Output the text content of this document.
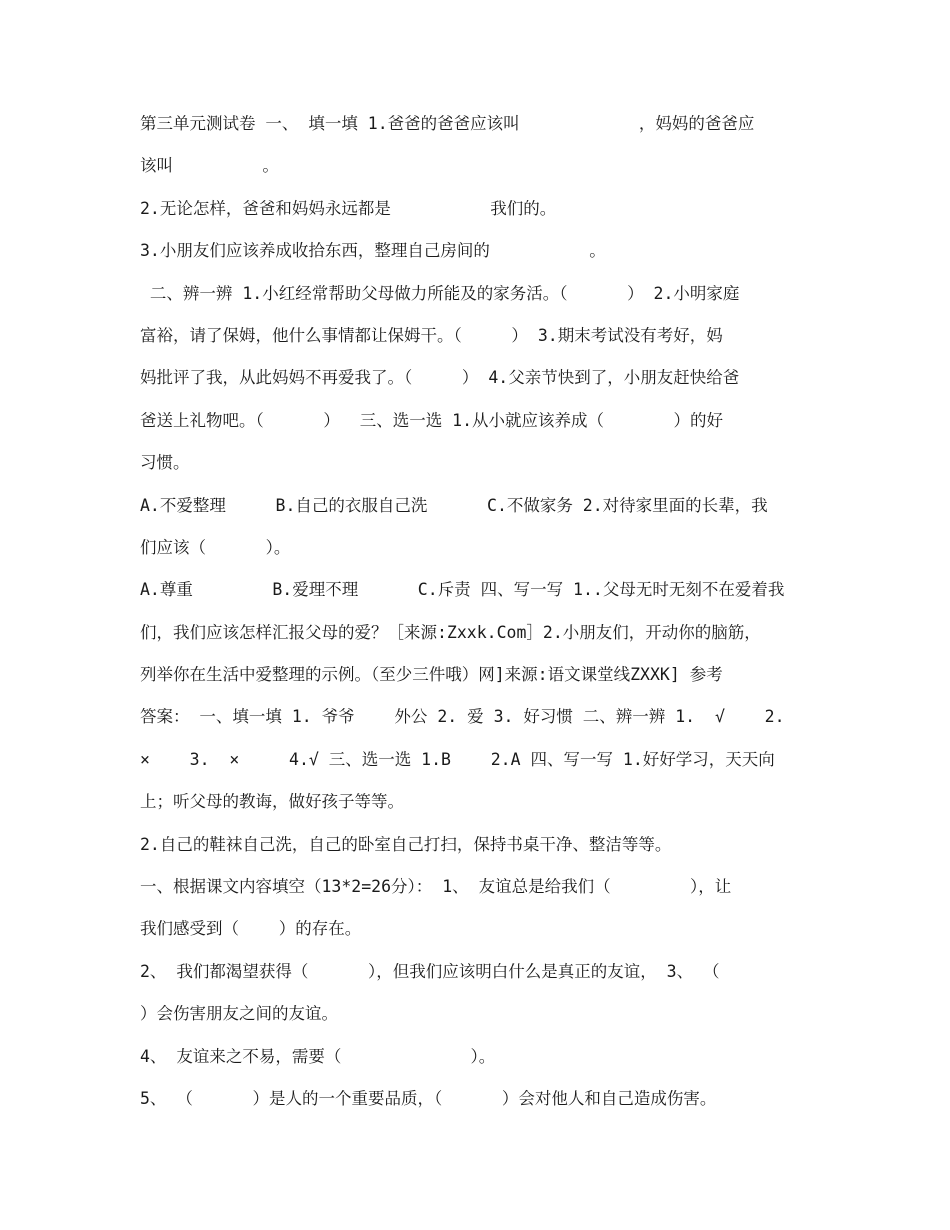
第三单元测试卷 一、 填一填 1.爸爸的爸爸应该叫            ，妈妈的爸爸应
该叫         。
2.无论怎样，爸爸和妈妈永远都是          我们的。
3.小朋友们应该养成收拾东西，整理自己房间的          。
二、辨一辨 1.小红经常帮助父母做力所能及的家务活。（      ） 2.小明家庭
富裕，请了保姆，他什么事情都让保姆干。（     ） 3.期末考试没有考好，妈
妈批评了我，从此妈妈不再爱我了。（     ） 4.父亲节快到了，小朋友赶快给爸
爸送上礼物吧。（      ）  三、选一选 1.从小就应该养成（       ）的好
习惯。
A.不爱整理     B.自己的衣服自己洗      C.不做家务 2.对待家里面的长辈，我
们应该（      ）。
A.尊重        B.爱理不理      C.斥责 四、写一写 1..父母无时无刻不在爱着我
们，我们应该怎样汇报父母的爱？［来源:Zxxk.Com］2.小朋友们，开动你的脑筋，
列举你在生活中爱整理的示例。（至少三件哦）网]来源:语文课堂线ZXXK] 参考
答案： 一、填一填 1. 爷爷    外公 2. 爱 3. 好习惯 二、辨一辨 1.  √    2.
×    3.  ×     4.√ 三、选一选 1.B    2.A 四、写一写 1.好好学习，天天向
上；听父母的教诲，做好孩子等等。
2.自己的鞋袜自己洗，自己的卧室自己打扫，保持书桌干净、整洁等等。
一、根据课文内容填空（13*2=26分）： 1、 友谊总是给我们（        ），让
我们感受到（    ）的存在。
2、 我们都渴望获得（      ），但我们应该明白什么是真正的友谊， 3、 （
）会伤害朋友之间的友谊。
4、 友谊来之不易，需要（             ）。
5、 （      ）是人的一个重要品质，（      ）会对他人和自己造成伤害。
